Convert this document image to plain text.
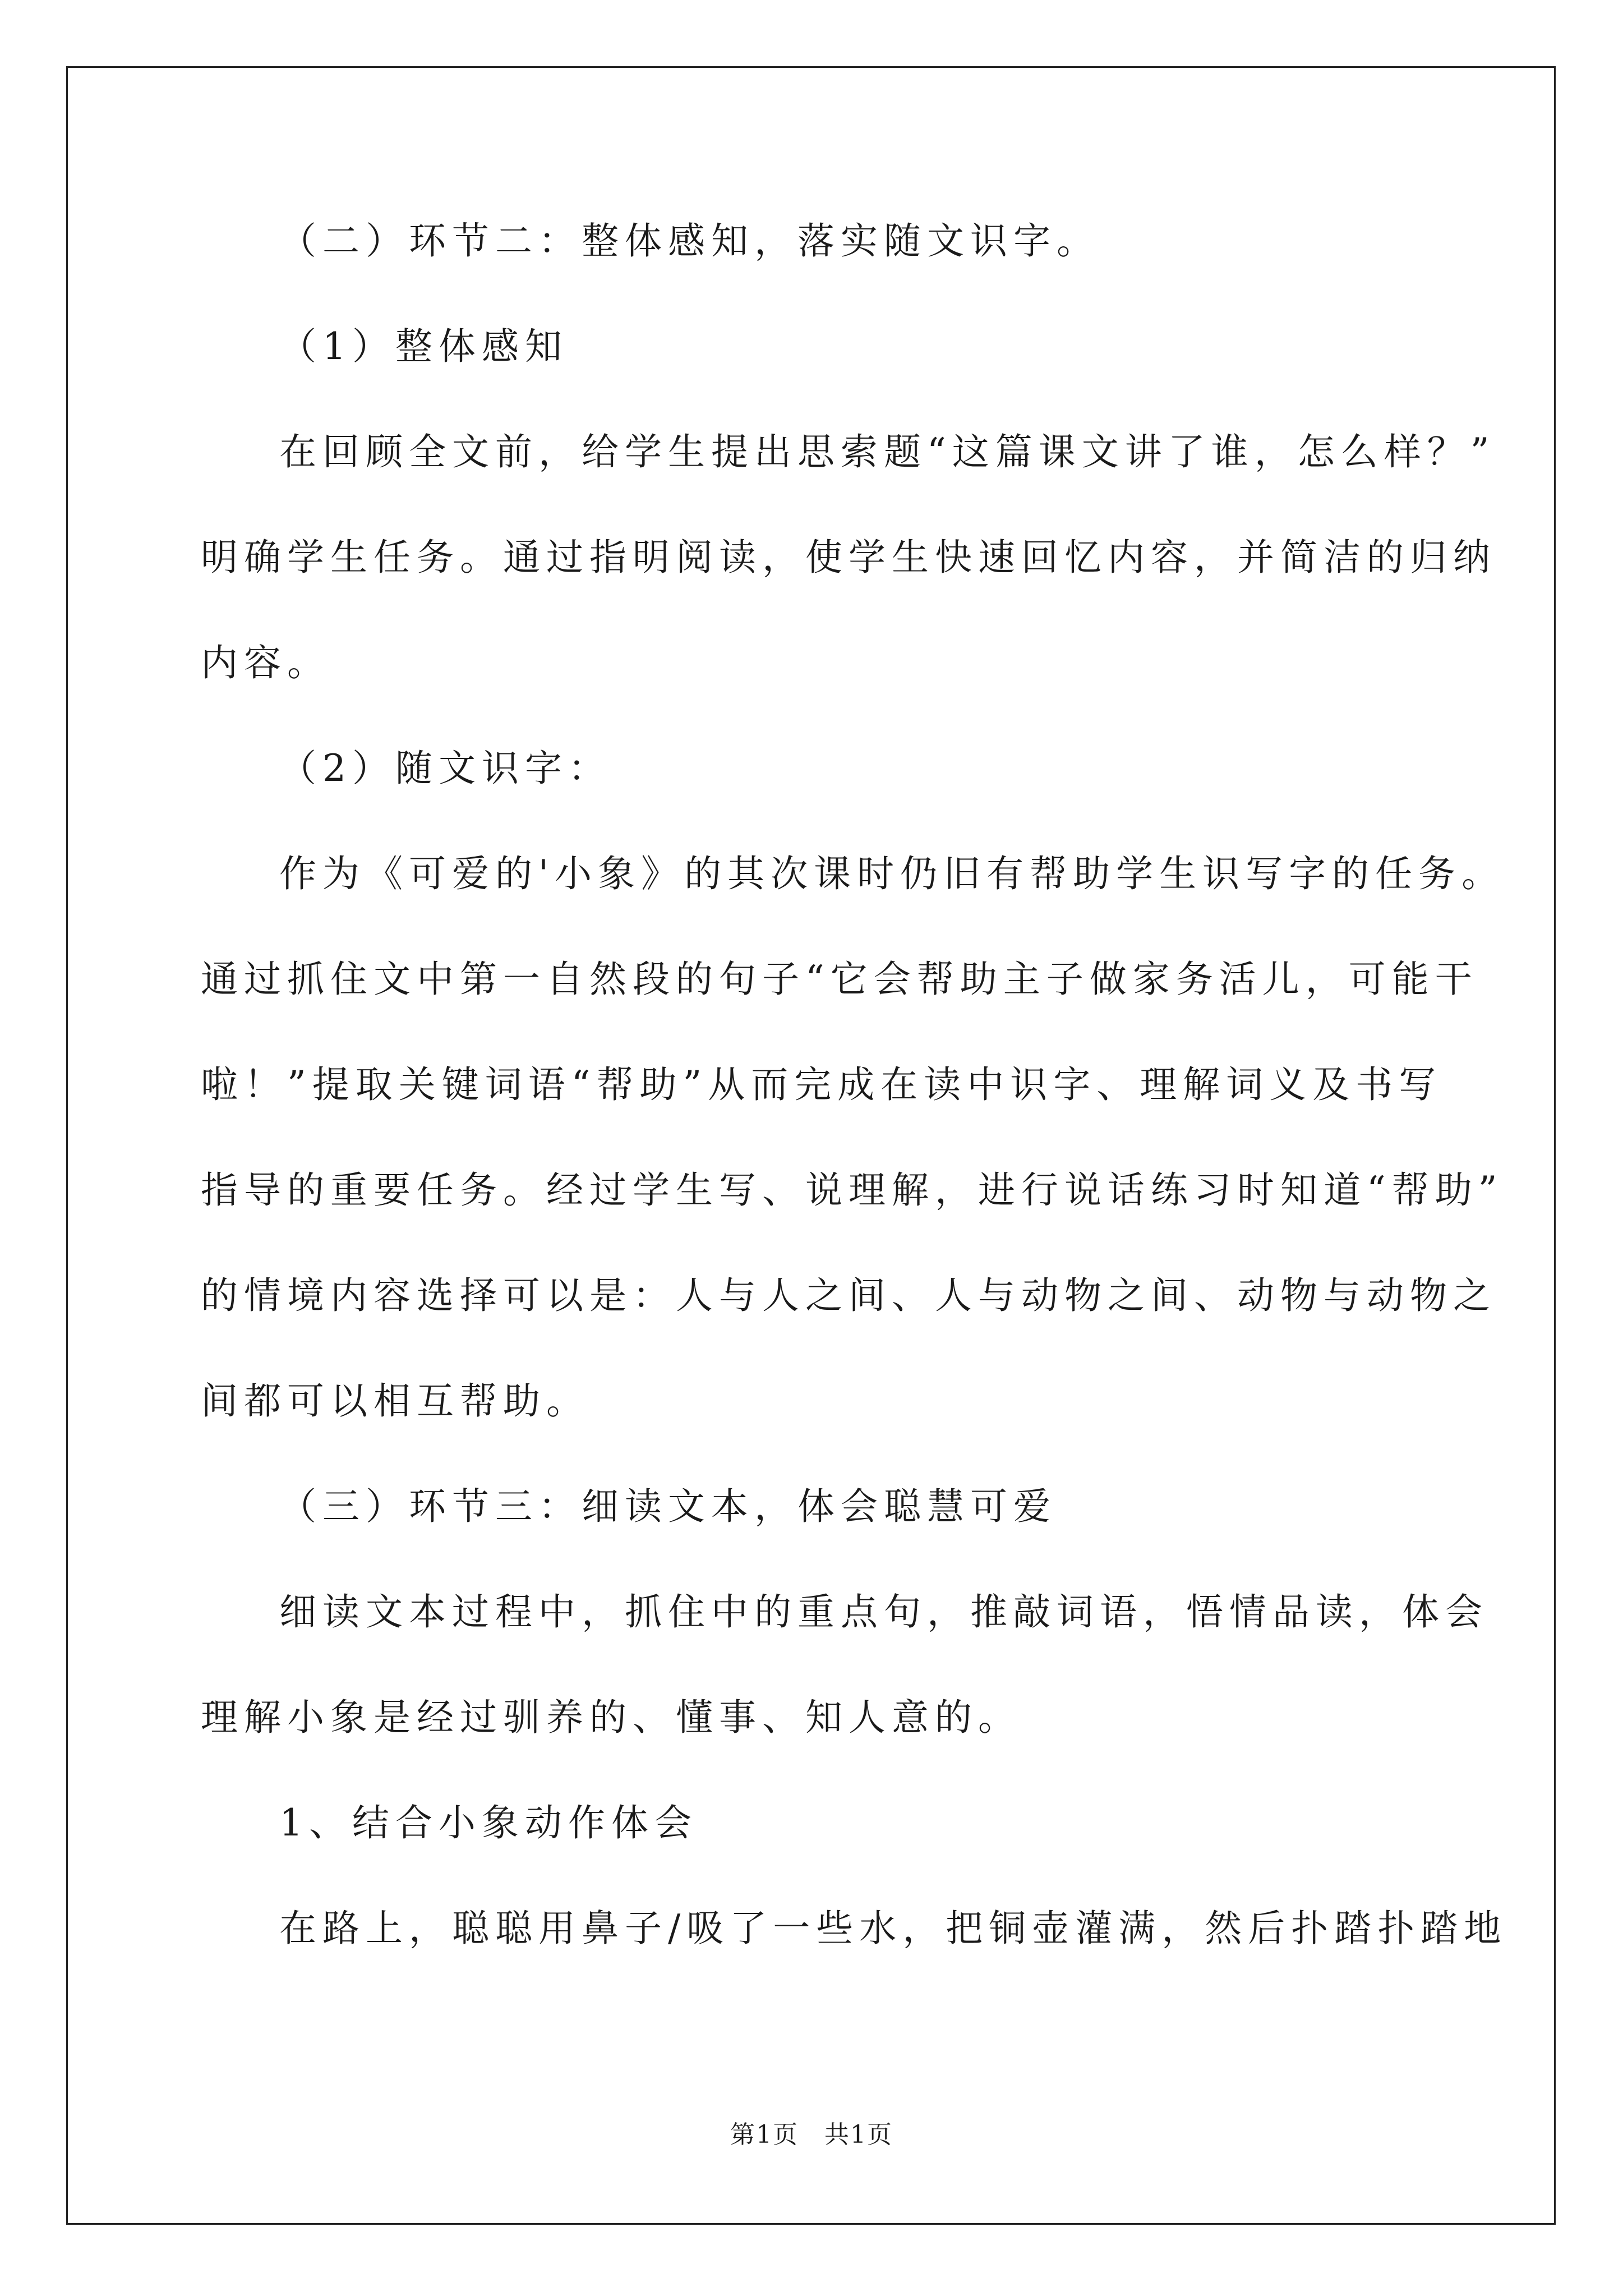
（二）环节二：整体感知，落实随文识字。
（1）整体感知
在回顾全文前，给学生提出思索题“这篇课文讲了谁，怎么样？”
明确学生任务。通过指明阅读，使学生快速回忆内容，并简洁的归纳
内容。
（2）随文识字：
作为《可爱的'小象》的其次课时仍旧有帮助学生识写字的任务。
通过抓住文中第一自然段的句子“它会帮助主子做家务活儿，可能干
啦！”提取关键词语“帮助”从而完成在读中识字、理解词义及书写
指导的重要任务。经过学生写、说理解，进行说话练习时知道“帮助”
的情境内容选择可以是：人与人之间、人与动物之间、动物与动物之
间都可以相互帮助。
（三）环节三：细读文本，体会聪慧可爱
细读文本过程中，抓住中的重点句，推敲词语，悟情品读，体会
理解小象是经过驯养的、懂事、知人意的。
1、结合小象动作体会
在路上，聪聪用鼻子/吸了一些水，把铜壶灌满，然后扑踏扑踏地
第1页　共1页
